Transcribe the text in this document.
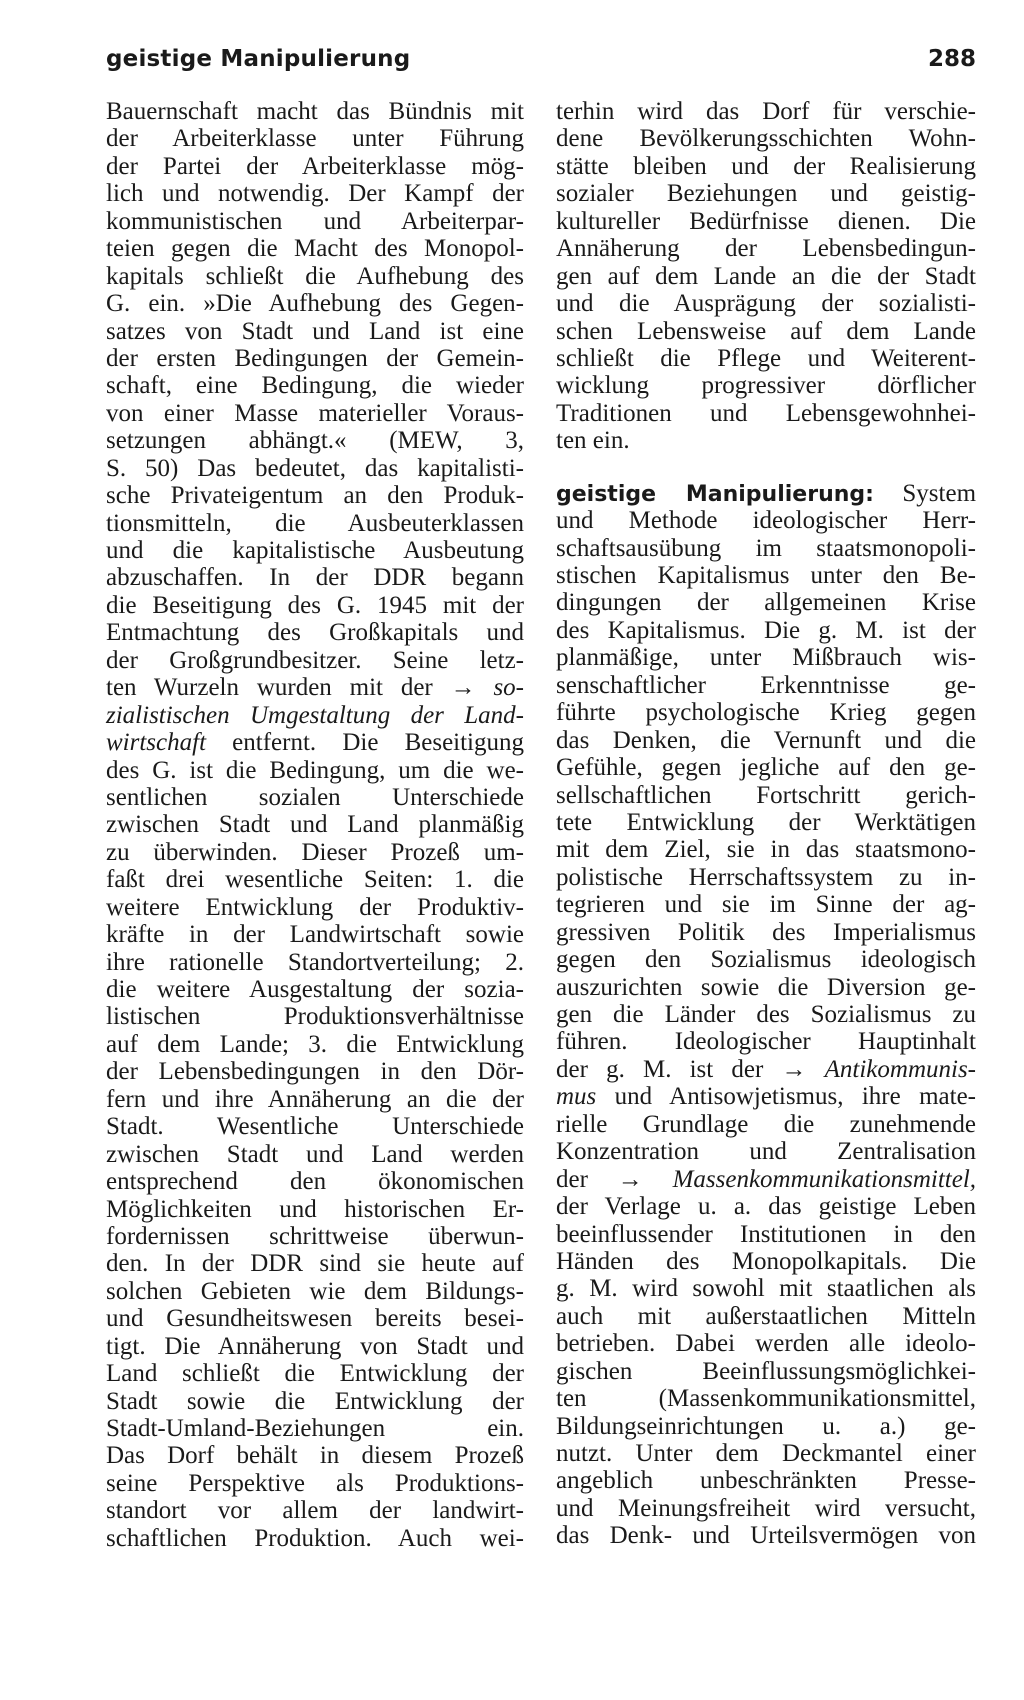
geistige Manipulierung	288
Bauernschaft macht das Bündnis mit
der Arbeiterklasse unter Führung
der Partei der Arbeiterklasse mög-
lich und notwendig. Der Kampf der
kommunistischen und Arbeiterpar-
teien gegen die Macht des Monopol-
kapitals schließt die Aufhebung des
G. ein. »Die Aufhebung des Gegen-
satzes von Stadt und Land ist eine
der ersten Bedingungen der Gemein-
schaft, eine Bedingung, die wieder
von einer Masse materieller Voraus-
setzungen abhängt.« (MEW, 3,
S. 50) Das bedeutet, das kapitalisti-
sche Privateigentum an den Produk-
tionsmitteln, die Ausbeuterklassen
und die kapitalistische Ausbeutung
abzuschaffen. In der DDR begann
die Beseitigung des G. 1945 mit der
Entmachtung des Großkapitals und
der Großgrundbesitzer. Seine letz-
ten Wurzeln wurden mit der → so-
zialistischen Umgestaltung der Land-
wirtschaft entfernt. Die Beseitigung
des G. ist die Bedingung, um die we-
sentlichen sozialen Unterschiede
zwischen Stadt und Land planmäßig
zu überwinden. Dieser Prozeß um-
faßt drei wesentliche Seiten: 1. die
weitere Entwicklung der Produktiv-
kräfte in der Landwirtschaft sowie
ihre rationelle Standortverteilung; 2.
die weitere Ausgestaltung der sozia-
listischen Produktionsverhältnisse
auf dem Lande; 3. die Entwicklung
der Lebensbedingungen in den Dör-
fern und ihre Annäherung an die der
Stadt. Wesentliche Unterschiede
zwischen Stadt und Land werden
entsprechend den ökonomischen
Möglichkeiten und historischen Er-
fordernissen schrittweise überwun-
den. In der DDR sind sie heute auf
solchen Gebieten wie dem Bildungs-
und Gesundheitswesen bereits besei-
tigt. Die Annäherung von Stadt und
Land schließt die Entwicklung der
Stadt sowie die Entwicklung der
Stadt-Umland-Beziehungen ein.
Das Dorf behält in diesem Prozeß
seine Perspektive als Produktions-
standort vor allem der landwirt-
schaftlichen Produktion. Auch wei-
terhin wird das Dorf für verschie-
dene Bevölkerungsschichten Wohn-
stätte bleiben und der Realisierung
sozialer Beziehungen und geistig-
kultureller Bedürfnisse dienen. Die
Annäherung der Lebensbedingun-
gen auf dem Lande an die der Stadt
und die Ausprägung der sozialisti-
schen Lebensweise auf dem Lande
schließt die Pflege und Weiterent-
wicklung progressiver dörflicher
Traditionen und Lebensgewohnhei-
ten ein.
geistige Manipulierung: System
und Methode ideologischer Herr-
schaftsausübung im staatsmonopoli-
stischen Kapitalismus unter den Be-
dingungen der allgemeinen Krise
des Kapitalismus. Die g. M. ist der
planmäßige, unter Mißbrauch wis-
senschaftlicher Erkenntnisse ge-
führte psychologische Krieg gegen
das Denken, die Vernunft und die
Gefühle, gegen jegliche auf den ge-
sellschaftlichen Fortschritt gerich-
tete Entwicklung der Werktätigen
mit dem Ziel, sie in das staatsmono-
polistische Herrschaftssystem zu in-
tegrieren und sie im Sinne der ag-
gressiven Politik des Imperialismus
gegen den Sozialismus ideologisch
auszurichten sowie die Diversion ge-
gen die Länder des Sozialismus zu
führen. Ideologischer Hauptinhalt
der g. M. ist der → Antikommunis-
mus und Antisowjetismus, ihre mate-
rielle Grundlage die zunehmende
Konzentration und Zentralisation
der → Massenkommunikationsmittel,
der Verlage u. a. das geistige Leben
beeinflussender Institutionen in den
Händen des Monopolkapitals. Die
g. M. wird sowohl mit staatlichen als
auch mit außerstaatlichen Mitteln
betrieben. Dabei werden alle ideolo-
gischen Beeinflussungsmöglichkei-
ten (Massenkommunikationsmittel,
Bildungseinrichtungen u. a.) ge-
nutzt. Unter dem Deckmantel einer
angeblich unbeschränkten Presse-
und Meinungsfreiheit wird versucht,
das Denk- und Urteilsvermögen von
